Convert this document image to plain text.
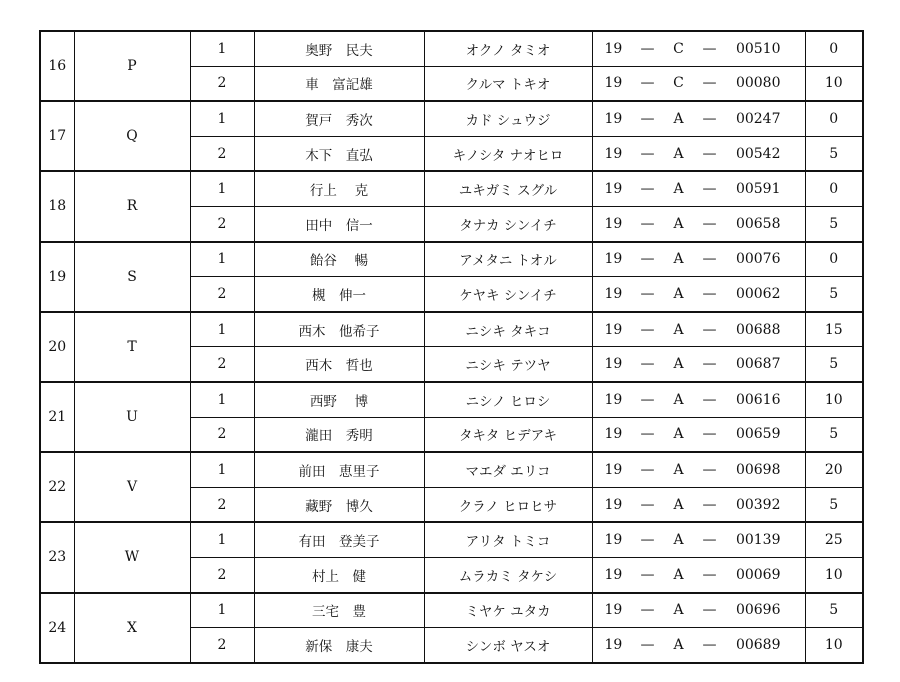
16	P	1	奥野　民夫	オクノ タミオ	19 — C — 00510	0
		2	車　富記雄	クルマ トキオ	19 — C — 00080	10
17	Q	1	賀戸　秀次	カド シュウジ	19 — A — 00247	0
		2	木下　直弘	キノシタ ナオヒロ	19 — A — 00542	5
18	R	1	行上　 克	ユキガミ スグル	19 — A — 00591	0
		2	田中　信一	タナカ シンイチ	19 — A — 00658	5
19	S	1	飴谷　 暢	アメタニ トオル	19 — A — 00076	0
		2	槻　伸一	ケヤキ シンイチ	19 — A — 00062	5
20	T	1	西木　他希子	ニシキ タキコ	19 — A — 00688	15
		2	西木　哲也	ニシキ テツヤ	19 — A — 00687	5
21	U	1	西野　 博	ニシノ ヒロシ	19 — A — 00616	10
		2	瀧田　秀明	タキタ ヒデアキ	19 — A — 00659	5
22	V	1	前田　恵里子	マエダ エリコ	19 — A — 00698	20
		2	藏野　博久	クラノ ヒロヒサ	19 — A — 00392	5
23	W	1	有田　登美子	アリタ トミコ	19 — A — 00139	25
		2	村上　健	ムラカミ タケシ	19 — A — 00069	10
24	X	1	三宅　豊	ミヤケ ユタカ	19 — A — 00696	5
		2	新保　康夫	シンボ ヤスオ	19 — A — 00689	10
